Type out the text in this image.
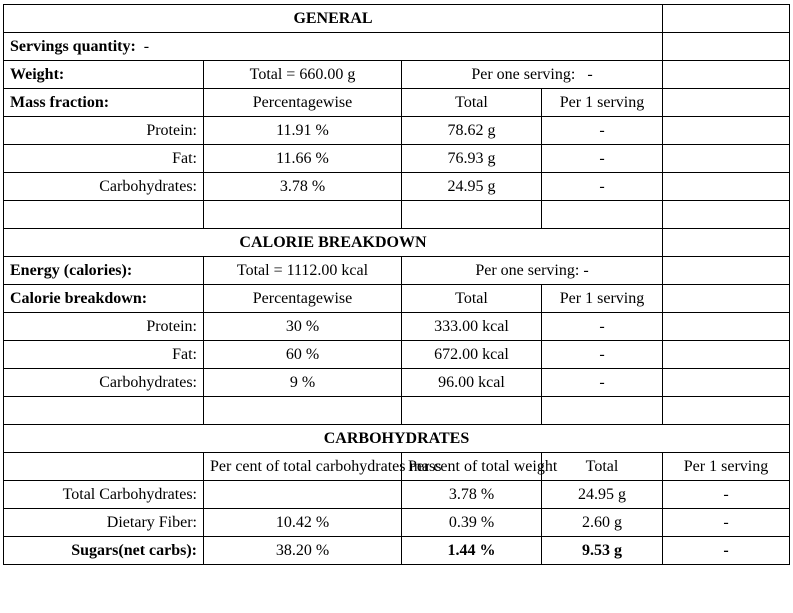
GENERAL				
Servings quantity: -				
Weight:	Total = 660.00 g	Per one serving:   -		
Mass fraction:	Percentagewise	Total	Per 1 serving	
Protein:	11.91 %	78.62 g	-	
Fat:	11.66 %	76.93 g	-	
Carbohydrates:	3.78 %	24.95 g	-	

CALORIE BREAKDOWN				
Energy (calories):	Total = 1112.00 kcal	Per one serving: -		
Calorie breakdown:	Percentagewise	Total	Per 1 serving	
Protein:	30 %	333.00 kcal	-	
Fat:	60 %	672.00 kcal	-	
Carbohydrates:	9 %	96.00 kcal	-	

CARBOHYDRATES				
	Per cent of total carbohydrates mass	Per cent of total weight	Total	Per 1 serving
Total Carbohydrates:		3.78 %	24.95 g	-
Dietary Fiber:	10.42 %	0.39 %	2.60 g	-
Sugars(net carbs):	38.20 %	1.44 %	9.53 g	-
